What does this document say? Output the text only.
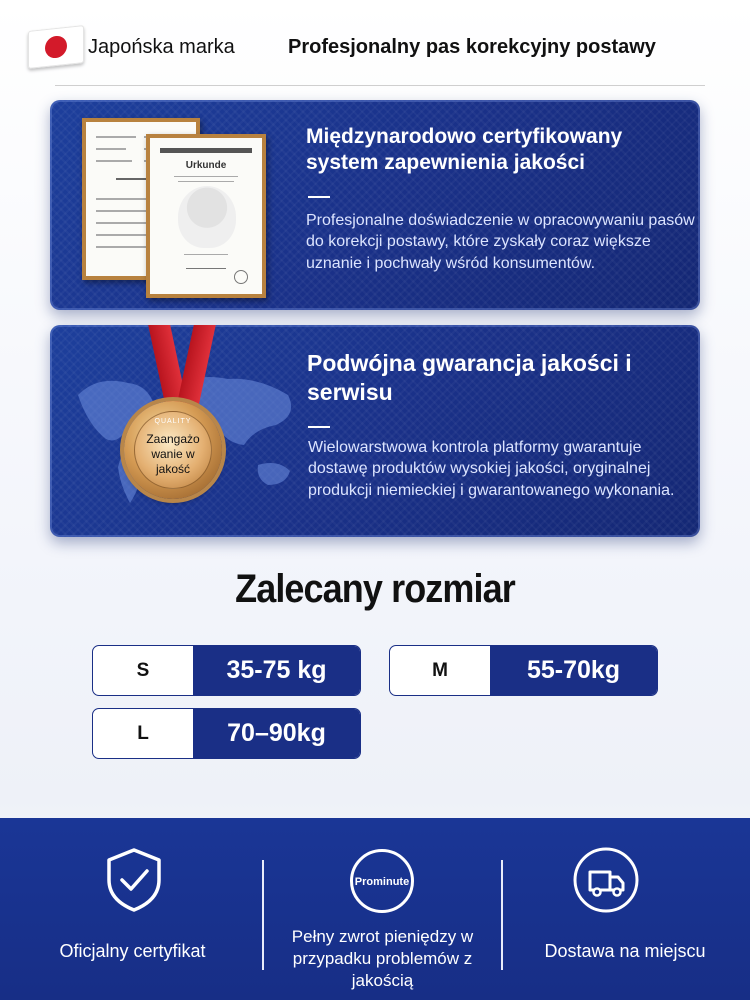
Japońska marka	Profesjonalny pas korekcyjny postawy
Urkunde
Międzynarodowo certyfikowany system zapewnienia jakości
Profesjonalne doświadczenie w opracowywaniu pasów do korekcji postawy, które zyskały coraz większe uznanie i pochwały wśród konsumentów.
QUALITY
Zaangażo wanie w jakość
Podwójna gwarancja jakości i serwisu
Wielowarstwowa kontrola platformy gwarantuje dostawę produktów wysokiej jakości, oryginalnej produkcji niemieckiej i gwarantowanego wykonania.
Zalecany rozmiar
S	35-75 kg	M	55-70kg
L	70–90kg
Oficjalny certyfikat
Prominute
Pełny zwrot pieniędzy w przypadku problemów z jakością
Dostawa na miejscu
